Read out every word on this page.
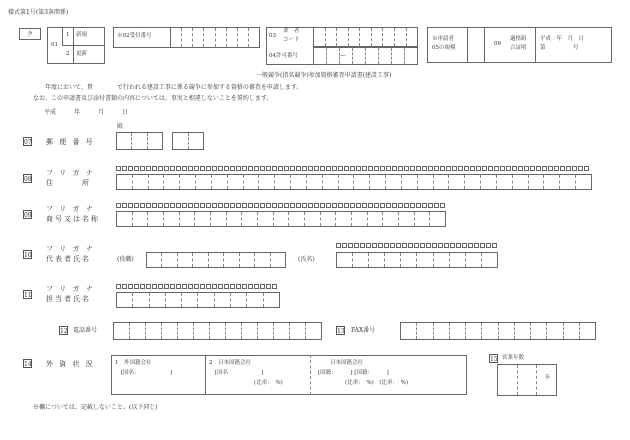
様式第1号(第3条関係)
ク
01
1 新規
2 更新
※02受付番号	03
業　者
コード
04許可番号	―
※申請者
05の規模
06
適格組
合証明
平成　年　月　日
第　　　　　号
一般競争(指名競争)参加資格審査申請書(建設工事)
年度において、貴　　　　で行われる建設工事に係る競争に参加する資格の審査を申請します。
なお、この申請書及び添付書類の内容については、事実と相違しないことを誓約します。
平成　　　年　　　月　　　日
殿
07 郵 便 番 号
08
フ リ ガ ナ
住　　　所
09
フ リ ガ ナ
商号又は名称
10
フ リ ガ ナ
代表者氏名	(役職)	(氏名)
11
フ リ ガ ナ
担当者氏名
12 電話番号	13 FAX番号
14 外 資 状 況	1　外国籍会社
[国名：　　　　　　]
2　日本国籍会社
[国名　　　　　　]
(比率：　%)
日本国籍会社
[国籍：　　　] [国籍：　　　]
(比率：　%)　(比率：　%)
15 営業年数
年
※欄については、記載しないこと。(以下同じ)
